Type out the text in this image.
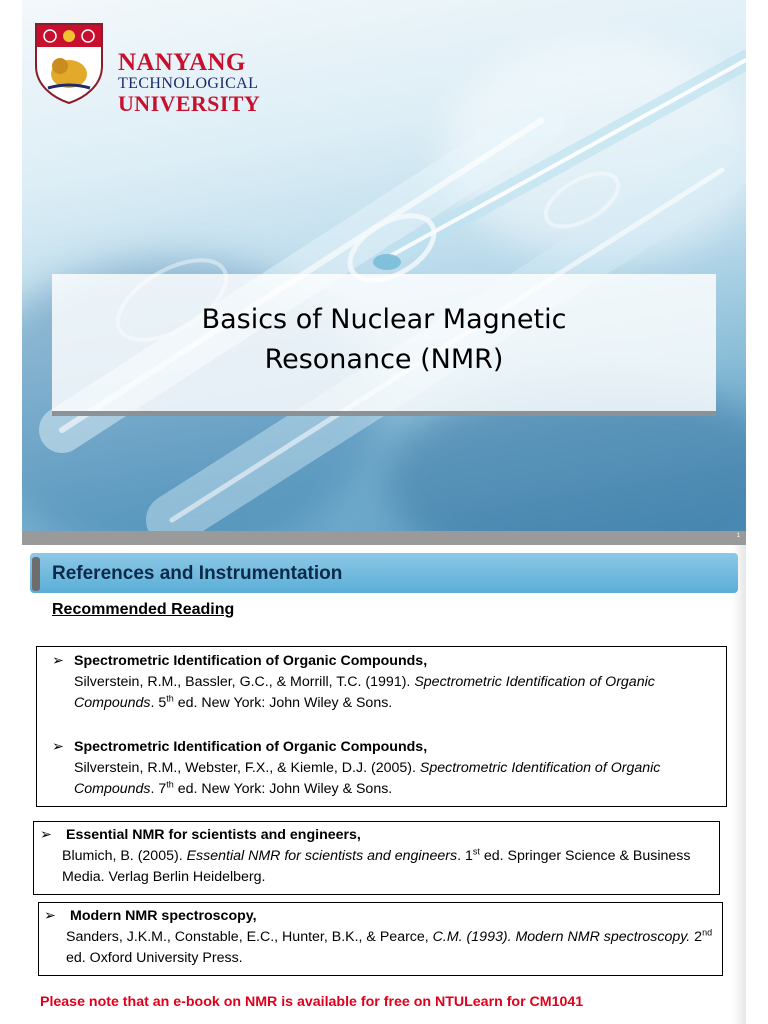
NANYANG
TECHNOLOGICAL
UNIVERSITY
Basics of Nuclear Magnetic
Resonance (NMR)
1
References and Instrumentation

Recommended Reading

➢ Spectrometric Identification of Organic Compounds,
Silverstein, R.M., Bassler, G.C., & Morrill, T.C. (1991). Spectrometric Identification of Organic Compounds. 5th ed. New York: John Wiley & Sons.
➢ Spectrometric Identification of Organic Compounds,
Silverstein, R.M., Webster, F.X., & Kiemle, D.J. (2005). Spectrometric Identification of Organic Compounds. 7th ed. New York: John Wiley & Sons.
➢ Essential NMR for scientists and engineers,
Blumich, B. (2005). Essential NMR for scientists and engineers. 1st ed. Springer Science & Business Media. Verlag Berlin Heidelberg.
➢ Modern NMR spectroscopy,
Sanders, J.K.M., Constable, E.C., Hunter, B.K., & Pearce, C.M. (1993). Modern NMR spectroscopy. 2nd ed. Oxford University Press.

Please note that an e-book on NMR is available for free on NTULearn for CM1041
